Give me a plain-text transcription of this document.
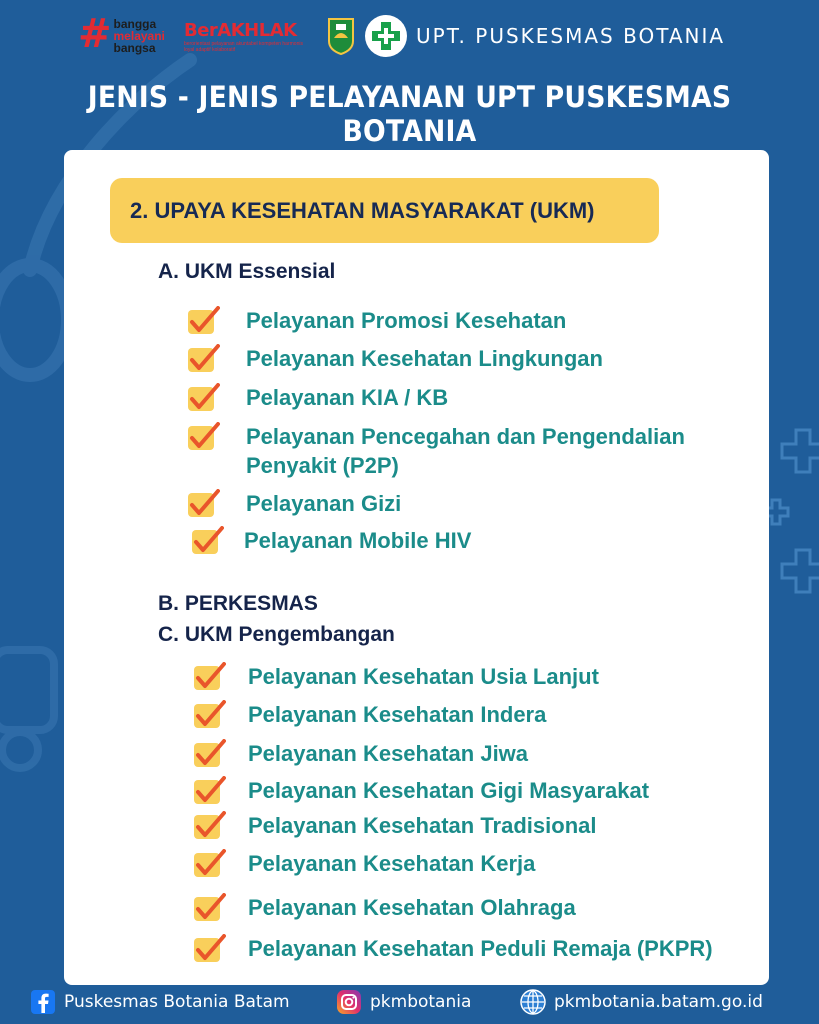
# bangga
melayani
bangsa
BerAKHLAK
berorientasi pelayanan akuntabel kompeten harmonis loyal adaptif kolaboratif
UPT. PUSKESMAS BOTANIA
JENIS - JENIS PELAYANAN UPT PUSKESMAS BOTANIA
2. UPAYA KESEHATAN MASYARAKAT (UKM)
A. UKM Essensial
Pelayanan Promosi Kesehatan
Pelayanan Kesehatan Lingkungan
Pelayanan KIA / KB
Pelayanan Pencegahan dan Pengendalian Penyakit (P2P)
Pelayanan Gizi
Pelayanan Mobile HIV
B. PERKESMAS
C. UKM Pengembangan
Pelayanan Kesehatan Usia Lanjut
Pelayanan Kesehatan Indera
Pelayanan Kesehatan Jiwa
Pelayanan Kesehatan Gigi Masyarakat
Pelayanan Kesehatan Tradisional
Pelayanan Kesehatan Kerja
Pelayanan Kesehatan Olahraga
Pelayanan Kesehatan Peduli Remaja (PKPR)
Puskesmas Botania Batam	pkmbotania	pkmbotania.batam.go.id
